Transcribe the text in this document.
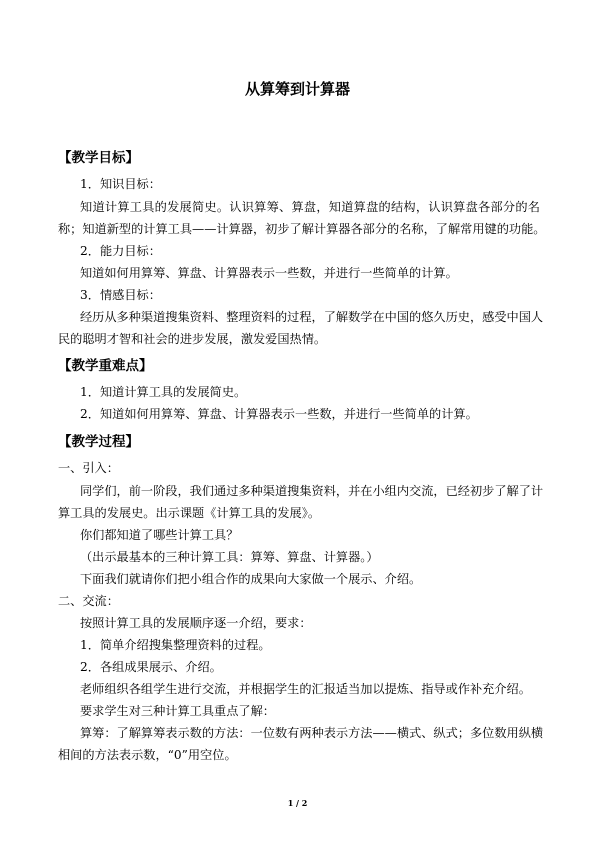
从算筹到计算器
【教学目标】
1．知识目标：
知道计算工具的发展简史。认识算筹、算盘，知道算盘的结构，认识算盘各部分的名
称；知道新型的计算工具——计算器，初步了解计算器各部分的名称，了解常用键的功能。
2．能力目标：
知道如何用算筹、算盘、计算器表示一些数，并进行一些简单的计算。
3．情感目标：
经历从多种渠道搜集资料、整理资料的过程，了解数学在中国的悠久历史，感受中国人
民的聪明才智和社会的进步发展，激发爱国热情。
【教学重难点】
1．知道计算工具的发展简史。
2．知道如何用算筹、算盘、计算器表示一些数，并进行一些简单的计算。
【教学过程】
一、引入：
同学们，前一阶段，我们通过多种渠道搜集资料，并在小组内交流，已经初步了解了计
算工具的发展史。出示课题《计算工具的发展》。
你们都知道了哪些计算工具？
（出示最基本的三种计算工具：算筹、算盘、计算器。）
下面我们就请你们把小组合作的成果向大家做一个展示、介绍。
二、交流：
按照计算工具的发展顺序逐一介绍，要求：
1．简单介绍搜集整理资料的过程。
2．各组成果展示、介绍。
老师组织各组学生进行交流，并根据学生的汇报适当加以提炼、指导或作补充介绍。
要求学生对三种计算工具重点了解：
算筹：了解算筹表示数的方法：一位数有两种表示方法——横式、纵式；多位数用纵横
相间的方法表示数，“0”用空位。
1 / 2
